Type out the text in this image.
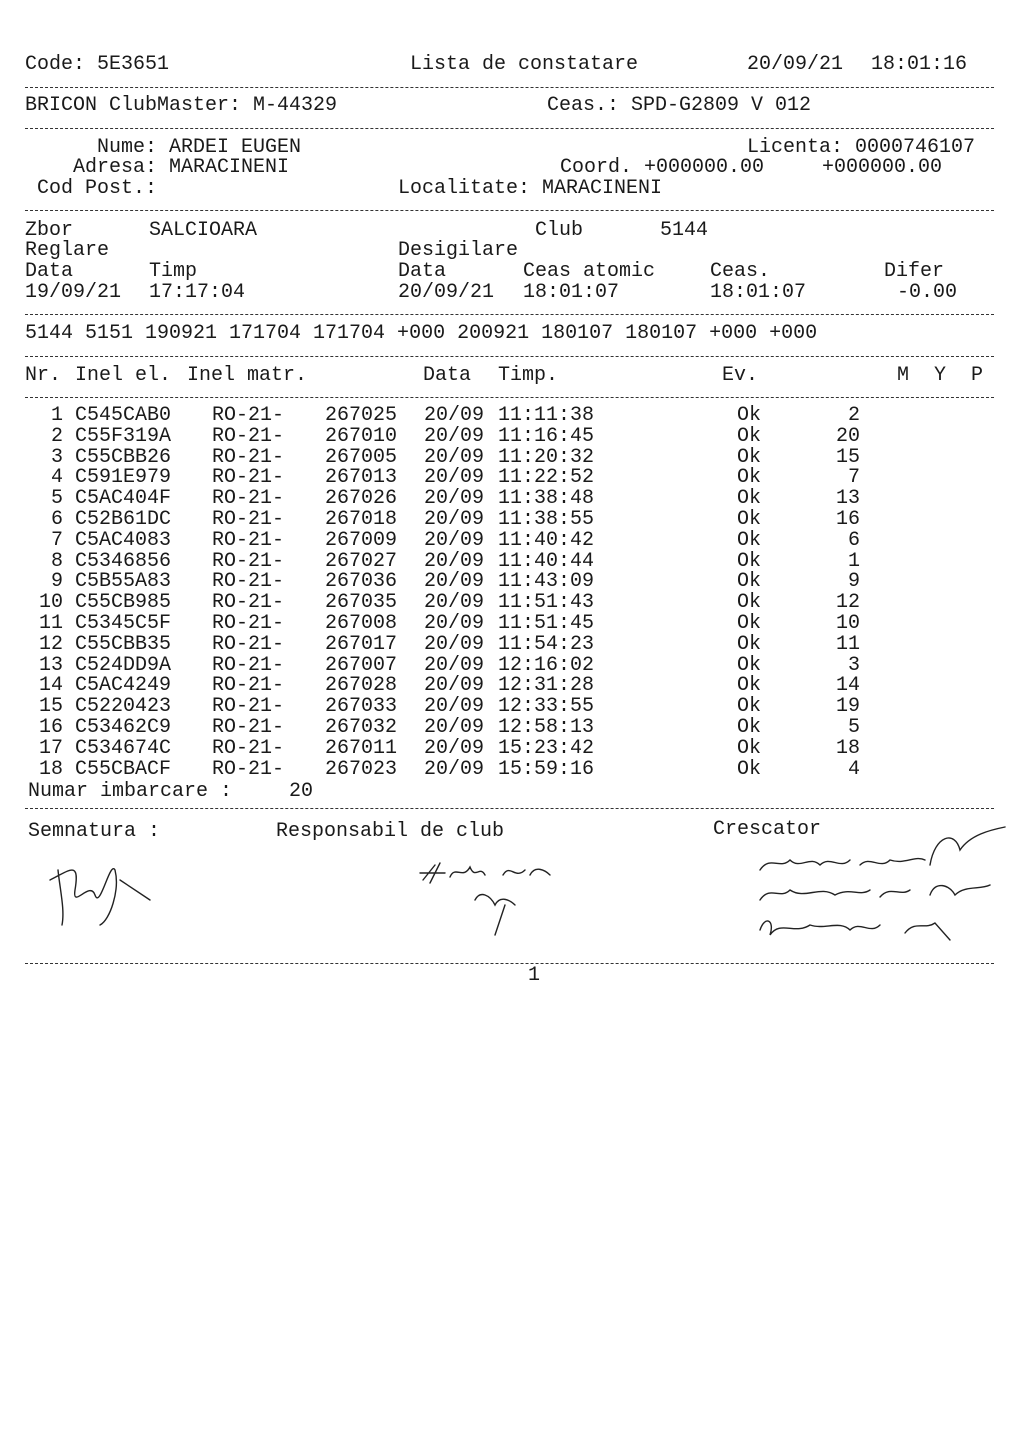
Code: 5E3651	Lista de constatare	20/09/21 18:01:16
BRICON ClubMaster: M-44329	Ceas.: SPD-G2809 V 012
Nume: ARDEI EUGEN	Licenta: 0000746107
Adresa: MARACINENI	Coord. +000000.00	+000000.00
Cod Post.:	Localitate: MARACINENI
Zbor	SALCIOARA	Club	5144
Reglare	Desigilare
Data	Timp	Data	Ceas atomic	Ceas.	Difer
19/09/21 17:17:04	20/09/21 18:01:07	18:01:07	-0.00
5144 5151 190921 171704 171704 +000 200921 180107 180107 +000 +000
Nr. Inel el. Inel matr.	Data Timp.	Ev.	M Y P
1 C545CAB0 RO-21- 267025 20/09 11:11:38	Ok	2
2 C55F319A RO-21- 267010 20/09 11:16:45	Ok	20
3 C55CBB26 RO-21- 267005 20/09 11:20:32	Ok	15
4 C591E979 RO-21- 267013 20/09 11:22:52	Ok	7
5 C5AC404F RO-21- 267026 20/09 11:38:48	Ok	13
6 C52B61DC RO-21- 267018 20/09 11:38:55	Ok	16
7 C5AC4083 RO-21- 267009 20/09 11:40:42	Ok	6
8 C5346856 RO-21- 267027 20/09 11:40:44	Ok	1
9 C5B55A83 RO-21- 267036 20/09 11:43:09	Ok	9
10 C55CB985 RO-21- 267035 20/09 11:51:43	Ok	12
11 C5345C5F RO-21- 267008 20/09 11:51:45	Ok	10
12 C55CBB35 RO-21- 267017 20/09 11:54:23	Ok	11
13 C524DD9A RO-21- 267007 20/09 12:16:02	Ok	3
14 C5AC4249 RO-21- 267028 20/09 12:31:28	Ok	14
15 C5220423 RO-21- 267033 20/09 12:33:55	Ok	19
16 C53462C9 RO-21- 267032 20/09 12:58:13	Ok	5
17 C534674C RO-21- 267011 20/09 15:23:42	Ok	18
18 C55CBACF RO-21- 267023 20/09 15:59:16	Ok	4
Numar imbarcare :	20
Semnatura :	Responsabil de club	Crescator
1
